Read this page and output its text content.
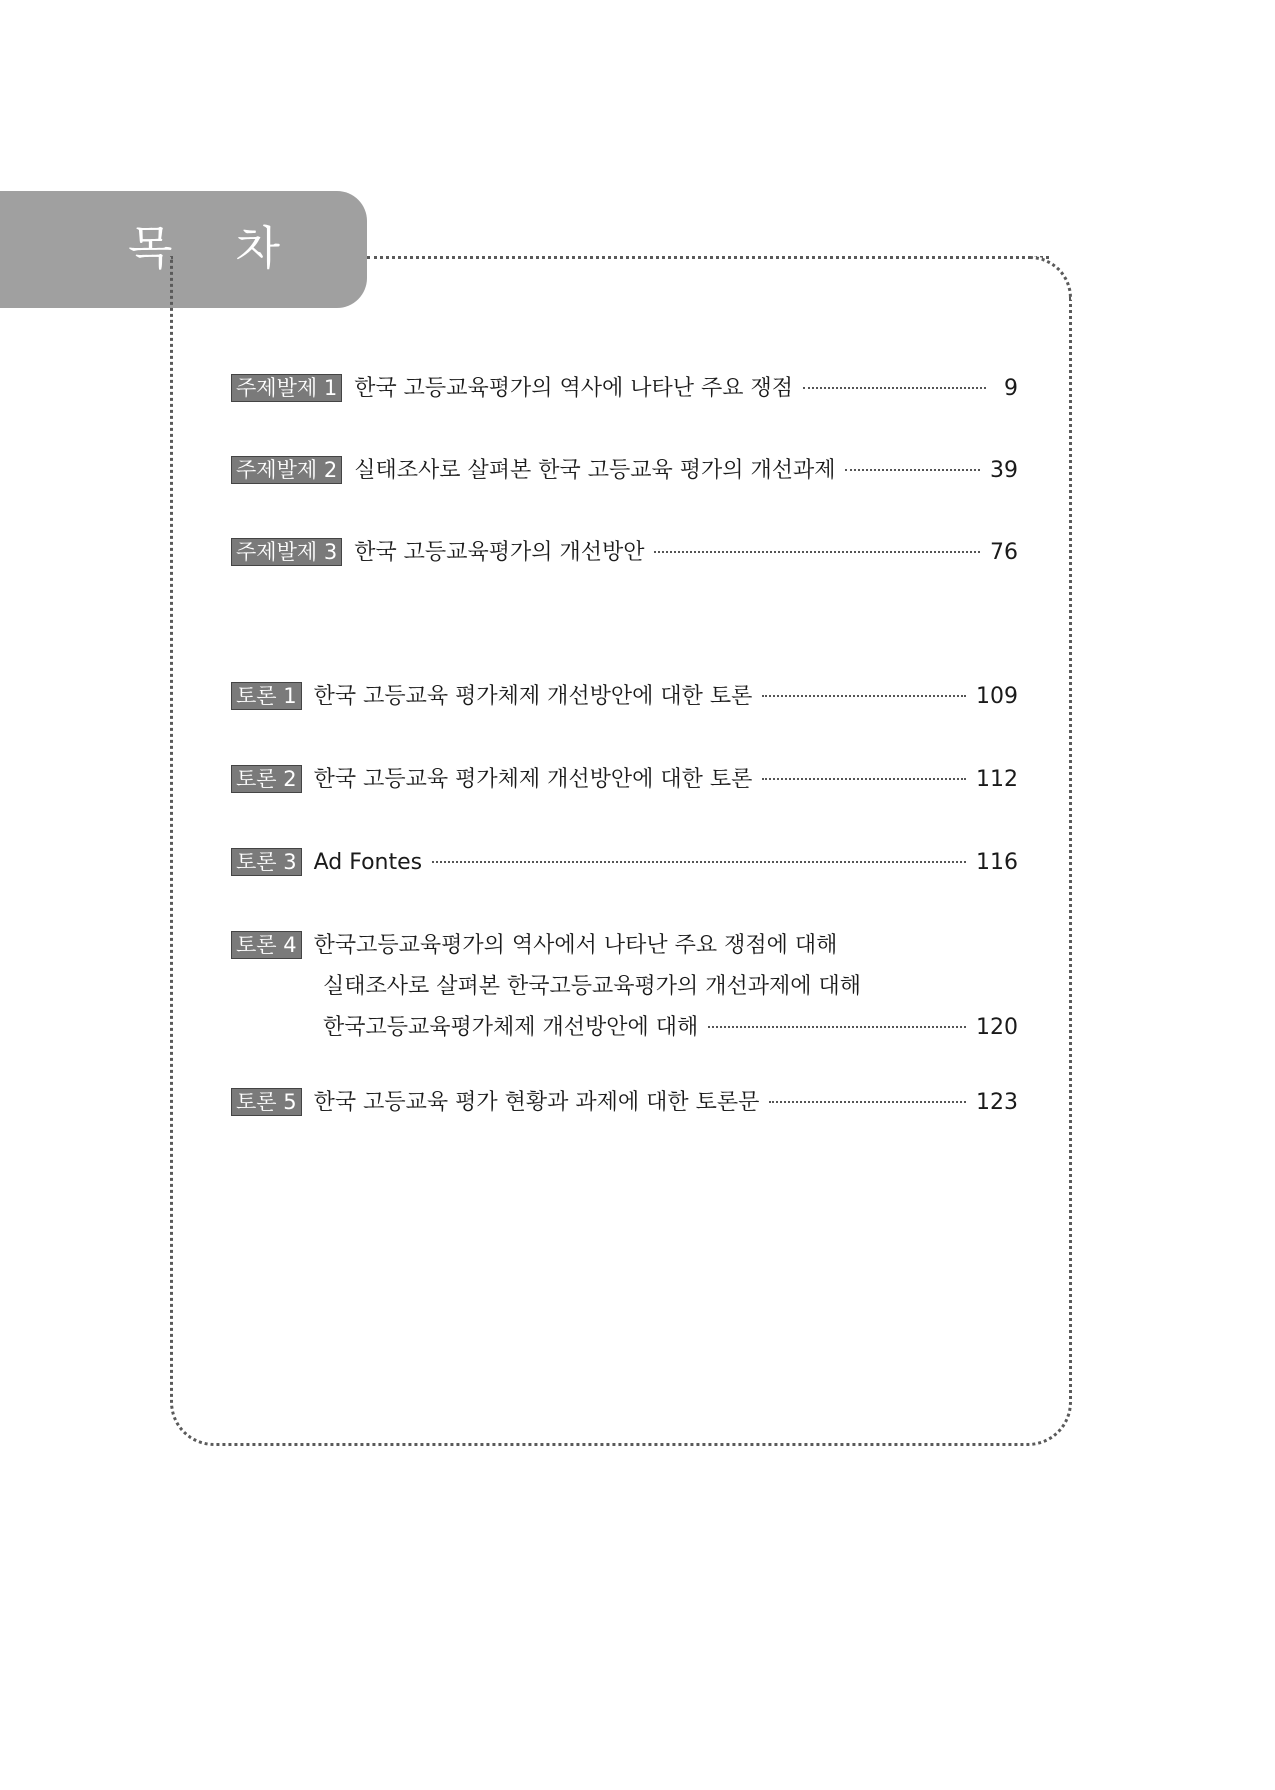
목 차
주제발제 1 한국 고등교육평가의 역사에 나타난 주요 쟁점	9
주제발제 2 실태조사로 살펴본 한국 고등교육 평가의 개선과제	39
주제발제 3 한국 고등교육평가의 개선방안	76
토론 1 한국 고등교육 평가체제 개선방안에 대한 토론	109
토론 2 한국 고등교육 평가체제 개선방안에 대한 토론	112
토론 3 Ad Fontes	116
토론 4 한국고등교육평가의 역사에서 나타난 주요 쟁점에 대해
실태조사로 살펴본 한국고등교육평가의 개선과제에 대해
한국고등교육평가체제 개선방안에 대해	120
토론 5 한국 고등교육 평가 현황과 과제에 대한 토론문	123
